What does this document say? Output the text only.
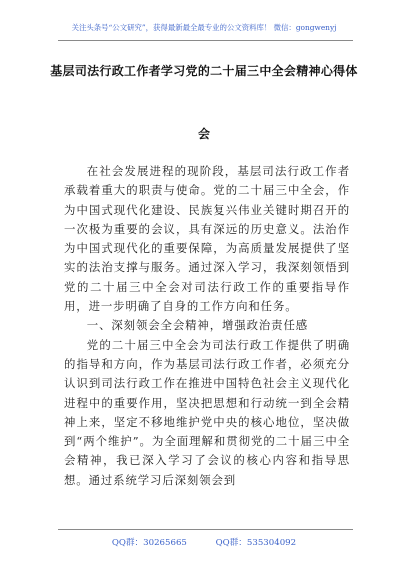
关注头条号“公文研究”，获得最新最全最专业的公文资料库！ 微信：gongwenyj
基层司法行政工作者学习党的二十届三中全会精神心得体
会

在社会发展进程的现阶段，基层司法行政工作者承载着重大的职责与使命。党的二十届三中全会，作为中国式现代化建设、民族复兴伟业关键时期召开的一次极为重要的会议，具有深远的历史意义。法治作为中国式现代化的重要保障，为高质量发展提供了坚实的法治支撑与服务。通过深入学习，我深刻领悟到党的二十届三中全会对司法行政工作的重要指导作用，进一步明确了自身的工作方向和任务。

一、深刻领会全会精神，增强政治责任感

党的二十届三中全会为司法行政工作提供了明确的指导和方向，作为基层司法行政工作者，必须充分认识到司法行政工作在推进中国特色社会主义现代化进程中的重要作用，坚决把思想和行动统一到全会精神上来，坚定不移地维护党中央的核心地位，坚决做到“两个维护”。为全面理解和贯彻党的二十届三中全会精神，我已深入学习了会议的核心内容和指导思想。通过系统学习后深刻领会到

QQ群：30265665	QQ群：535304092
